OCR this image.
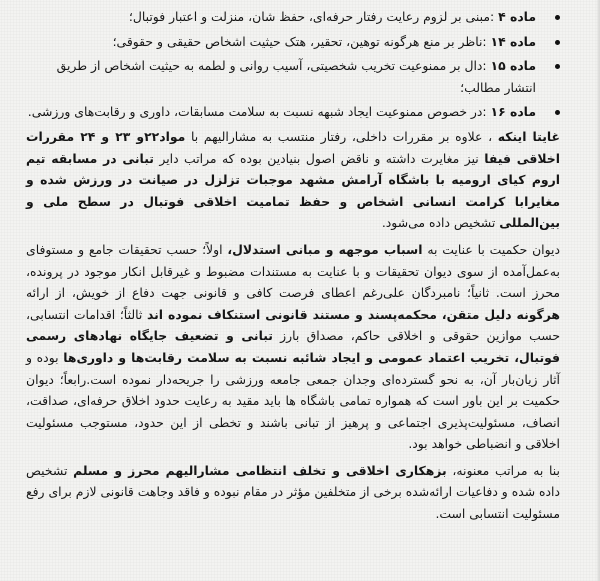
ماده ۴ :مبنی بر لزوم رعایت رفتار حرفه‌ای، حفظ شان، منزلت و اعتبار فوتبال؛
ماده ۱۴ :ناظر بر منع هرگونه توهین، تحقیر، هتک حیثیت اشخاص حقیقی و حقوقی؛
ماده ۱۵ :دال بر ممنوعیت تخریب شخصیتی، آسیب روانی و لطمه به حیثیت اشخاص از طریق انتشار مطالب؛
ماده ۱۶ :در خصوص ممنوعیت ایجاد شبهه نسبت به سلامت مسابقات، داوری و رقابت‌های ورزشی.

غایتا اینکه ، علاوه بر مقررات داخلی، رفتار منتسب به مشارالیهم با مواد۲۲و ۲۳ و ۲۴ مقررات اخلاقی فیفا نیز مغایرت داشته و ناقض اصول بنیادین بوده که مراتب دایر تبانی در مسابقه تیم اروم کیای ارومیه با باشگاه آرامش مشهد موجبات تزلزل در صیانت در ورزش شده و مغایرابا کرامت انسانی اشخاص و حفظ تمامیت اخلاقی فوتبال در سطح ملی و بین‌المللی تشخیص داده می‌شود.

دیوان حکمیت با عنایت به اسباب موجهه و مبانی استدلال، اولاً؛ حسب تحقیقات جامع و مستوفای به‌عمل‌آمده از سوی دیوان تحقیقات و با عنایت به مستندات مضبوط و غیرقابل انکار موجود در پرونده، محرز است. ثانیاً؛ نامبردگان علی‌رغم اعطای فرصت کافی و قانونی جهت دفاع از خویش، از ارائه هرگونه دلیل متقن، محکمه‌پسند و مستند قانونی استنکاف نموده اند ثالثاً؛ اقدامات انتسابی، حسب موازین حقوقی و اخلاقی حاکم، مصداق بارز تبانی و تضعیف جایگاه نهادهای رسمی فوتبال، تخریب اعتماد عمومی و ایجاد شائبه نسبت به سلامت رقابت‌ها و داوری‌ها بوده و آثار زیان‌بار آن، به نحو گسترده‌ای وجدان جمعی جامعه ورزشی را جریحه‌دار نموده است.رابعاً؛ دیوان حکمیت بر این باور است که همواره تمامی باشگاه ها باید مقید به رعایت حدود اخلاق حرفه‌ای، صداقت، انصاف، مسئولیت‌پذیری اجتماعی و پرهیز از تبانی باشند و تخطی از این حدود، مستوجب مسئولیت اخلاقی و انضباطی خواهد بود.

بنا به مراتب معنونه، بزهکاری اخلاقی و تخلف انتظامی مشارالیهم محرز و مسلم تشخیص داده شده و دفاعیات ارائه‌شده برخی از متخلفین مؤثر در مقام نبوده و فاقد وجاهت قانونی لازم برای رفع مسئولیت انتسابی است.
